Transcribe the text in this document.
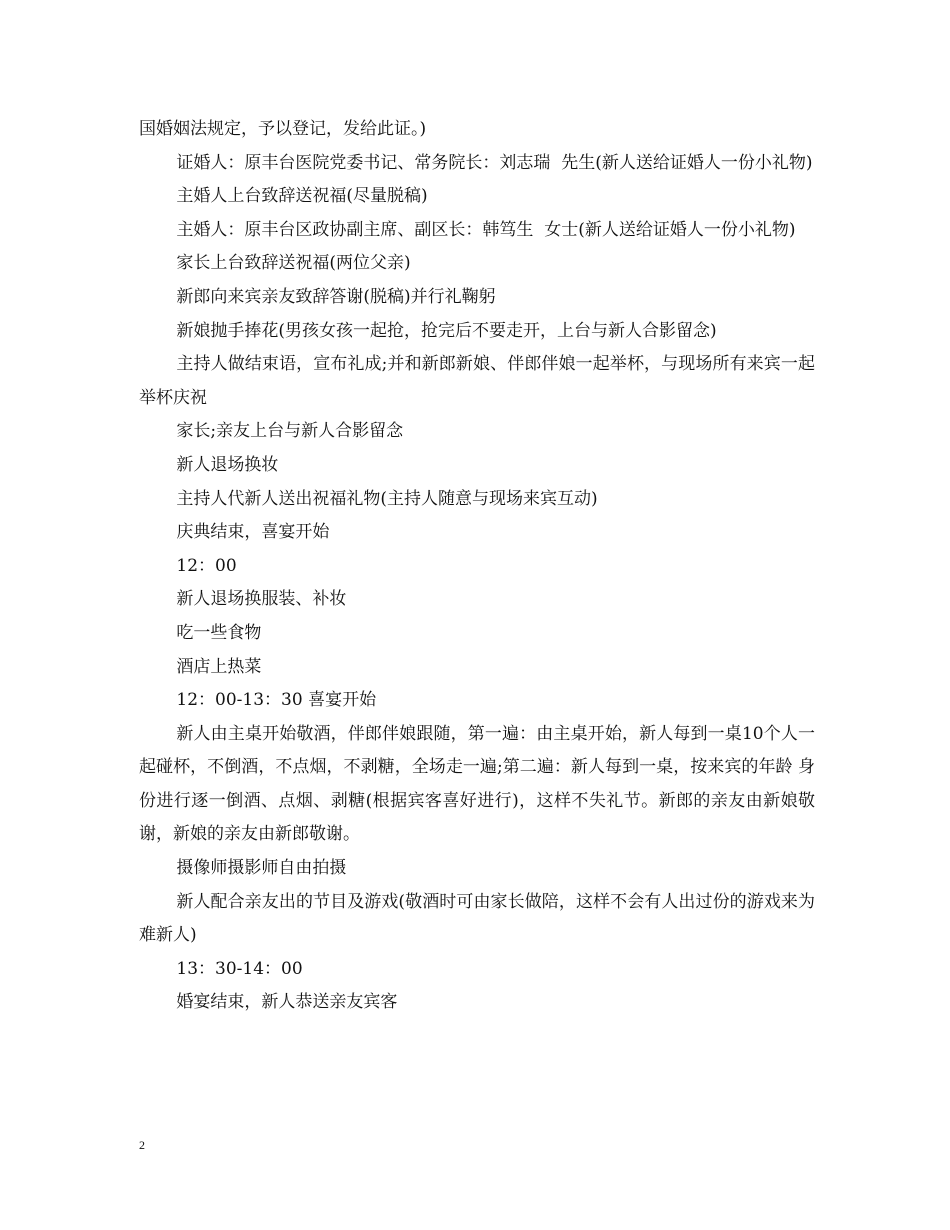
国婚姻法规定，予以登记，发给此证。)

证婚人：原丰台医院党委书记、常务院长：刘志瑞  先生(新人送给证婚人一份小礼物)

主婚人上台致辞送祝福(尽量脱稿)

主婚人：原丰台区政协副主席、副区长：韩笃生  女士(新人送给证婚人一份小礼物)

家长上台致辞送祝福(两位父亲)

新郎向来宾亲友致辞答谢(脱稿)并行礼鞠躬

新娘抛手捧花(男孩女孩一起抢，抢完后不要走开，上台与新人合影留念)

主持人做结束语，宣布礼成;并和新郎新娘、伴郎伴娘一起举杯，与现场所有来宾一起举杯庆祝

家长;亲友上台与新人合影留念

新人退场换妆

主持人代新人送出祝福礼物(主持人随意与现场来宾互动)

庆典结束，喜宴开始

12：00

新人退场换服装、补妆

吃一些食物

酒店上热菜

12：00-13：30 喜宴开始

新人由主桌开始敬酒，伴郎伴娘跟随，第一遍：由主桌开始，新人每到一桌10个人一起碰杯，不倒酒，不点烟，不剥糖，全场走一遍;第二遍：新人每到一桌，按来宾的年龄 身份进行逐一倒酒、点烟、剥糖(根据宾客喜好进行)，这样不失礼节。新郎的亲友由新娘敬谢，新娘的亲友由新郎敬谢。

摄像师摄影师自由拍摄

新人配合亲友出的节目及游戏(敬酒时可由家长做陪，这样不会有人出过份的游戏来为难新人)

13：30-14：00

婚宴结束，新人恭送亲友宾客

2
